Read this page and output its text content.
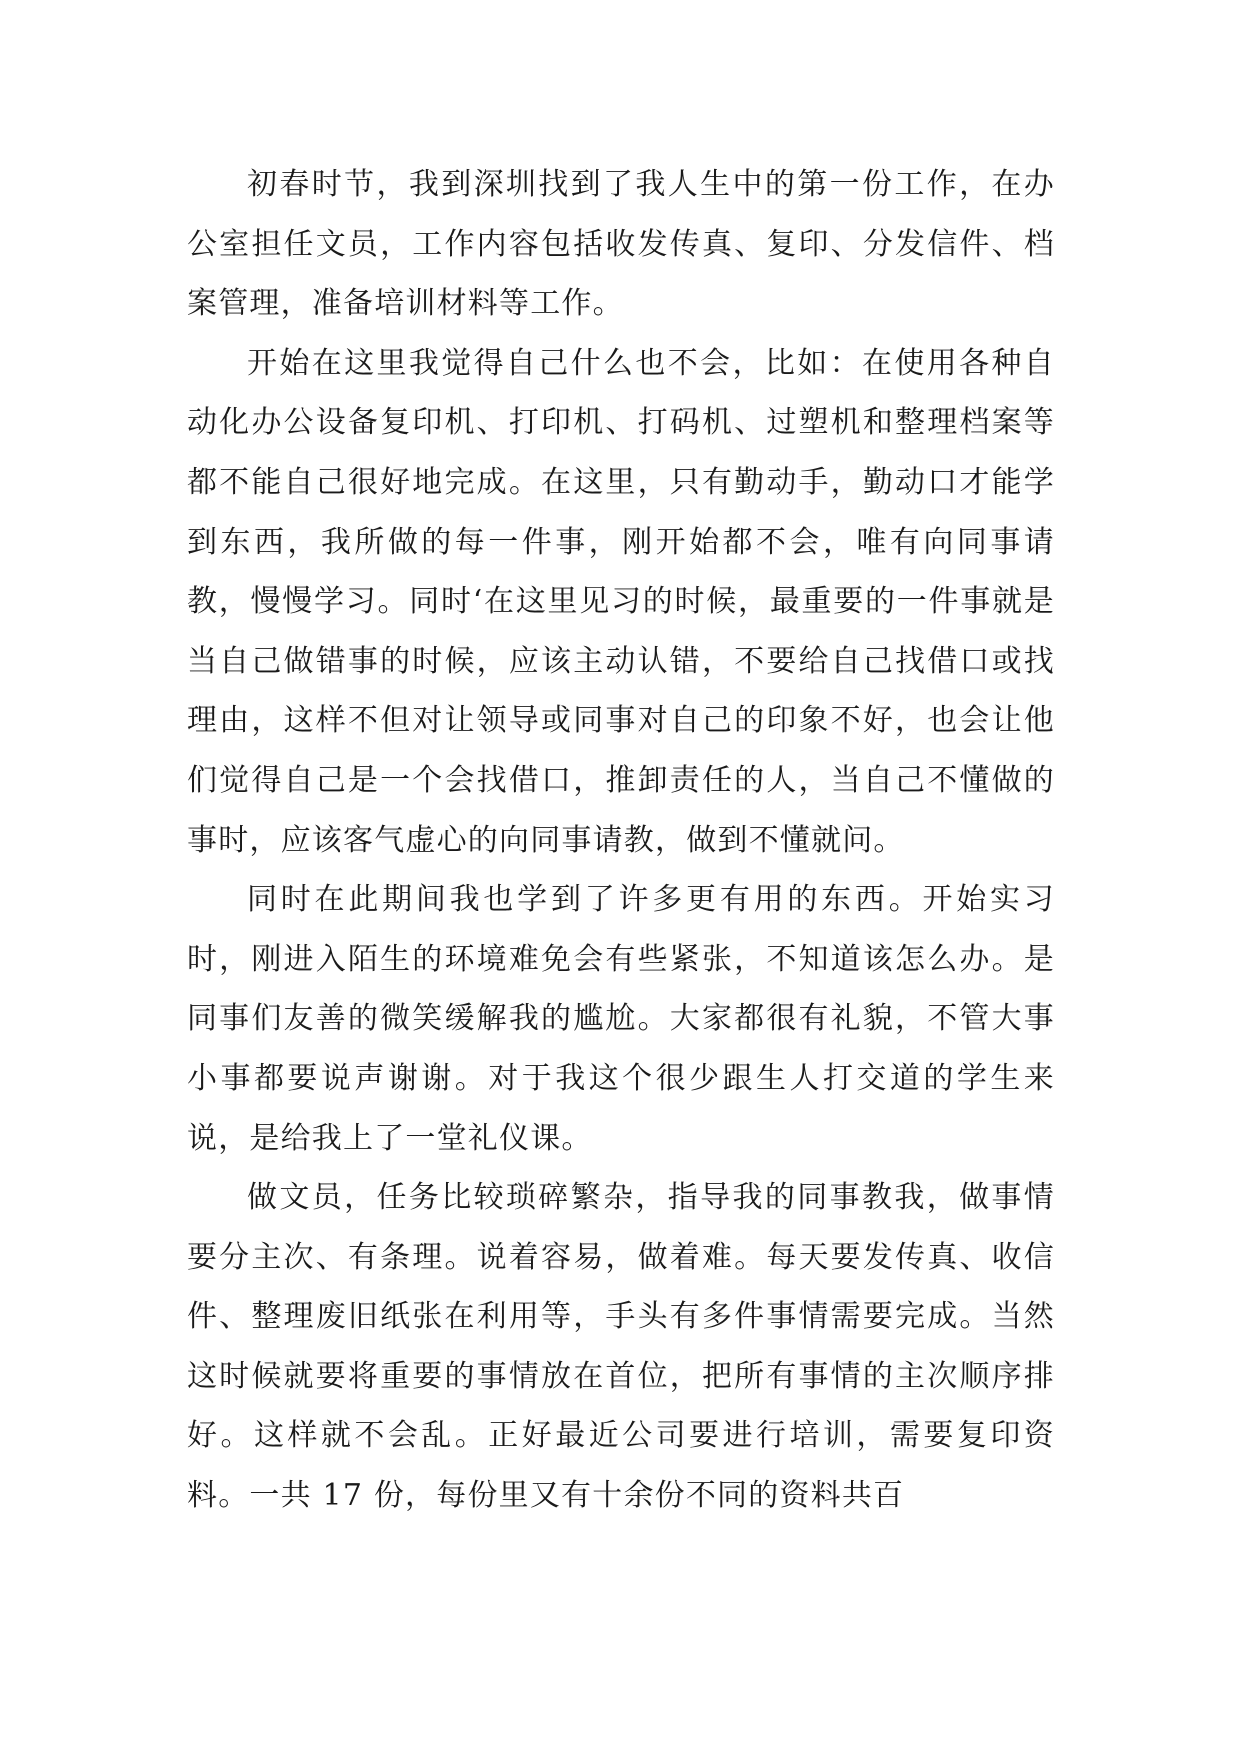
初春时节，我到深圳找到了我人生中的第一份工作，在办公室担任文员，工作内容包括收发传真、复印、分发信件、档案管理，准备培训材料等工作。

开始在这里我觉得自己什么也不会，比如：在使用各种自动化办公设备复印机、打印机、打码机、过塑机和整理档案等都不能自己很好地完成。在这里，只有勤动手，勤动口才能学到东西，我所做的每一件事，刚开始都不会，唯有向同事请教，慢慢学习。同时‘在这里见习的时候，最重要的一件事就是当自己做错事的时候，应该主动认错，不要给自己找借口或找理由，这样不但对让领导或同事对自己的印象不好，也会让他们觉得自己是一个会找借口，推卸责任的人，当自己不懂做的事时，应该客气虚心的向同事请教，做到不懂就问。

同时在此期间我也学到了许多更有用的东西。开始实习时，刚进入陌生的环境难免会有些紧张，不知道该怎么办。是同事们友善的微笑缓解我的尴尬。大家都很有礼貌，不管大事小事都要说声谢谢。对于我这个很少跟生人打交道的学生来说，是给我上了一堂礼仪课。

做文员，任务比较琐碎繁杂，指导我的同事教我，做事情要分主次、有条理。说着容易，做着难。每天要发传真、收信件、整理废旧纸张在利用等，手头有多件事情需要完成。当然这时候就要将重要的事情放在首位，把所有事情的主次顺序排好。这样就不会乱。正好最近公司要进行培训，需要复印资料。一共 17 份，每份里又有十余份不同的资料共百
